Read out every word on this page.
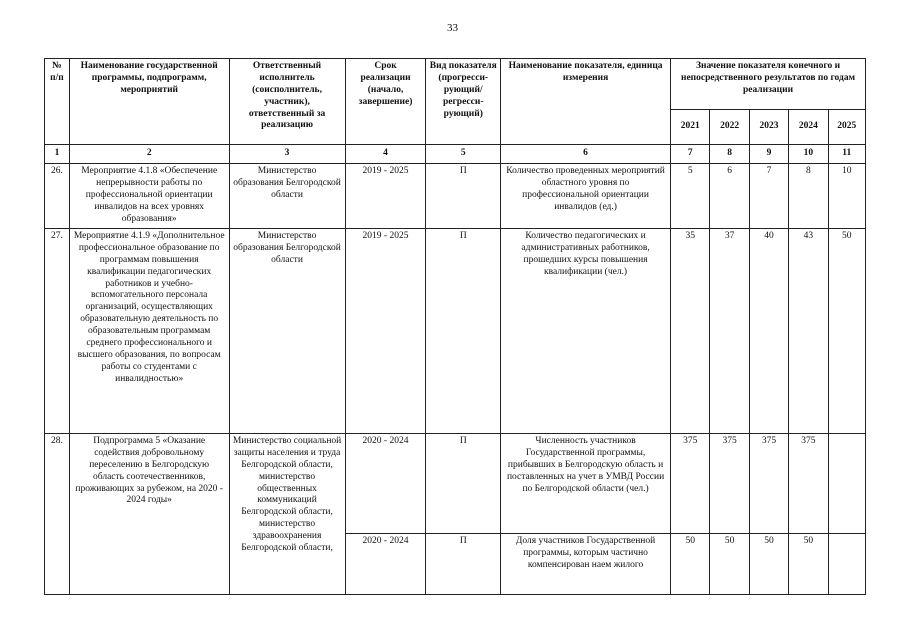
33
№ п/п	Наименование государственной программы, подпрограмм, мероприятий	Ответственный исполнитель (соисполнитель, участник), ответственный за реализацию	Срок реализации (начало, завершение)	Вид показателя (прогресси-рующий/ регресси-рующий)	Наименование показателя, единица измерения	Значение показателя конечного и непосредственного результатов по годам реализации				
						2021	2022	2023	2024	2025
1	2	3	4	5	6	7	8	9	10	11
26.	Мероприятие 4.1.8 «Обеспечение непрерывности работы по профессиональной ориентации инвалидов на всех уровнях образования»	Министерство образования Белгородской области	2019 - 2025	П	Количество проведенных мероприятий областного уровня по профессиональной ориентации инвалидов (ед.)	5	6	7	8	10
27.	Мероприятие 4.1.9 «Дополнительное профессиональное образование по программам повышения квалификации педагогических работников и учебно-вспомогательного персонала организаций, осуществляющих образовательную деятельность по образовательным программам среднего профессионального и высшего образования, по вопросам работы со студентами с инвалидностью»	Министерство образования Белгородской области	2019 - 2025	П	Количество педагогических и административных работников, прошедших курсы повышения квалификации (чел.)	35	37	40	43	50
28.	Подпрограмма 5 «Оказание содействия добровольному переселению в Белгородскую область соотечественников, проживающих за рубежом, на 2020 - 2024 годы»	Министерство социальной защиты населения и труда Белгородской области, министерство общественных коммуникаций Белгородской области, министерство здравоохранения Белгородской области,	2020 - 2024	П	Численность участников Государственной программы, прибывших в Белгородскую область и поставленных на учет в УМВД России по Белгородской области (чел.)	375	375	375	375	
			2020 - 2024	П	Доля участников Государственной программы, которым частично компенсирован наем жилого	50	50	50	50	
